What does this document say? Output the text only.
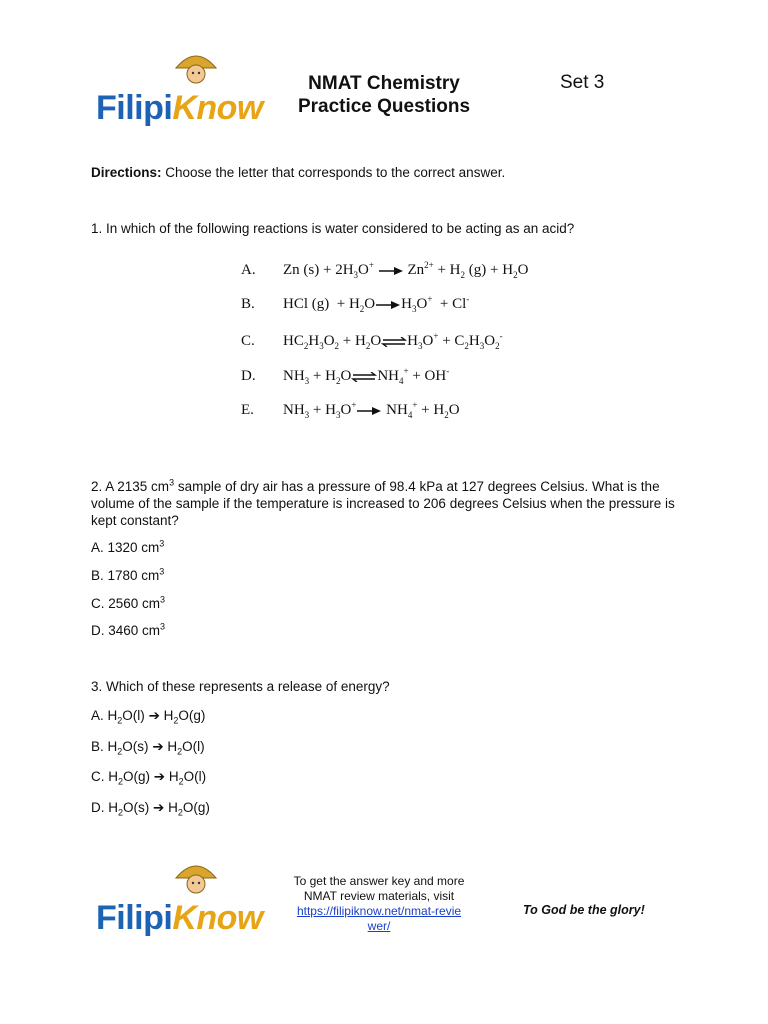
FilipiKnow
NMAT Chemistry
Practice Questions
Set 3
Directions: Choose the letter that corresponds to the correct answer.
1. In which of the following reactions is water considered to be acting as an acid?
A. Zn $(s) + 2H_3O^+$  $Zn^{2+} + H_2$ $(g) + H_2O$
B. HCl $(g) + H_2O$ $H_3O^+ + Cl^-$
C. $HC_2H_3O_2$ + $H_2O\rightleftharpoons H_3O^+ + C_2H_3O_2^-$
D. $NH_3$ + $H_2O\rightleftharpoons NH_4^+ + OH^-$
E. $NH_3 + H_3O^+$ $NH_4^+ + H_2O$
2. A 2135 $cm^3$ sample of dry air has a pressure of 98.4 kPa at 127 degrees Celsius. What is the volume of the sample if the temperature is increased to 206 degrees Celsius when the pressure is kept constant?
A. 1320 $cm^3$
B. 1780 $cm^3$
C. 2560 $cm^3$
D. 3460 $cm^3$
3. Which of these represents a release of energy?
A. $H_2O(l)$ ➔ $H_2O(g)$
B. $H_2O(s)$ ➔ $H_2O(l)$
C. $H_2O(g)$ ➔ $H_2O(l)$
D. $H_2O(s)$ ➔ $H_2O(g)$
FilipiKnow
To get the answer key and more
NMAT review materials, visit
https://filipiknow.net/nmat-reviewer/
To God be the glory!
